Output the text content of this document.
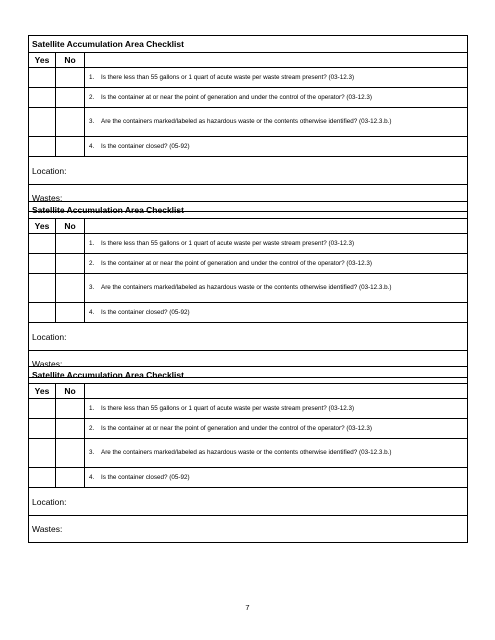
Satellite Accumulation Area Checklist		
Yes	No	

		1. Is there less than 55 gallons or 1 quart of acute waste per waste stream present? (03-12.3)

		2. Is the container at or near the point of generation and under the control of the operator? (03-12.3)

		3. Are the containers marked/labeled as hazardous waste or the contents otherwise identified? (03-12.3.b.)

		4. Is the container closed? (05-92)

Location:		

Wastes:		
Satellite Accumulation Area Checklist		
Yes	No	

		1. Is there less than 55 gallons or 1 quart of acute waste per waste stream present? (03-12.3)

		2. Is the container at or near the point of generation and under the control of the operator? (03-12.3)

		3. Are the containers marked/labeled as hazardous waste or the contents otherwise identified? (03-12.3.b.)

		4. Is the container closed? (05-92)

Location:		

Wastes:		
Satellite Accumulation Area Checklist		
Yes	No	

		1. Is there less than 55 gallons or 1 quart of acute waste per waste stream present? (03-12.3)

		2. Is the container at or near the point of generation and under the control of the operator? (03-12.3)

		3. Are the containers marked/labeled as hazardous waste or the contents otherwise identified? (03-12.3.b.)

		4. Is the container closed? (05-92)

Location:		

Wastes:		
7
